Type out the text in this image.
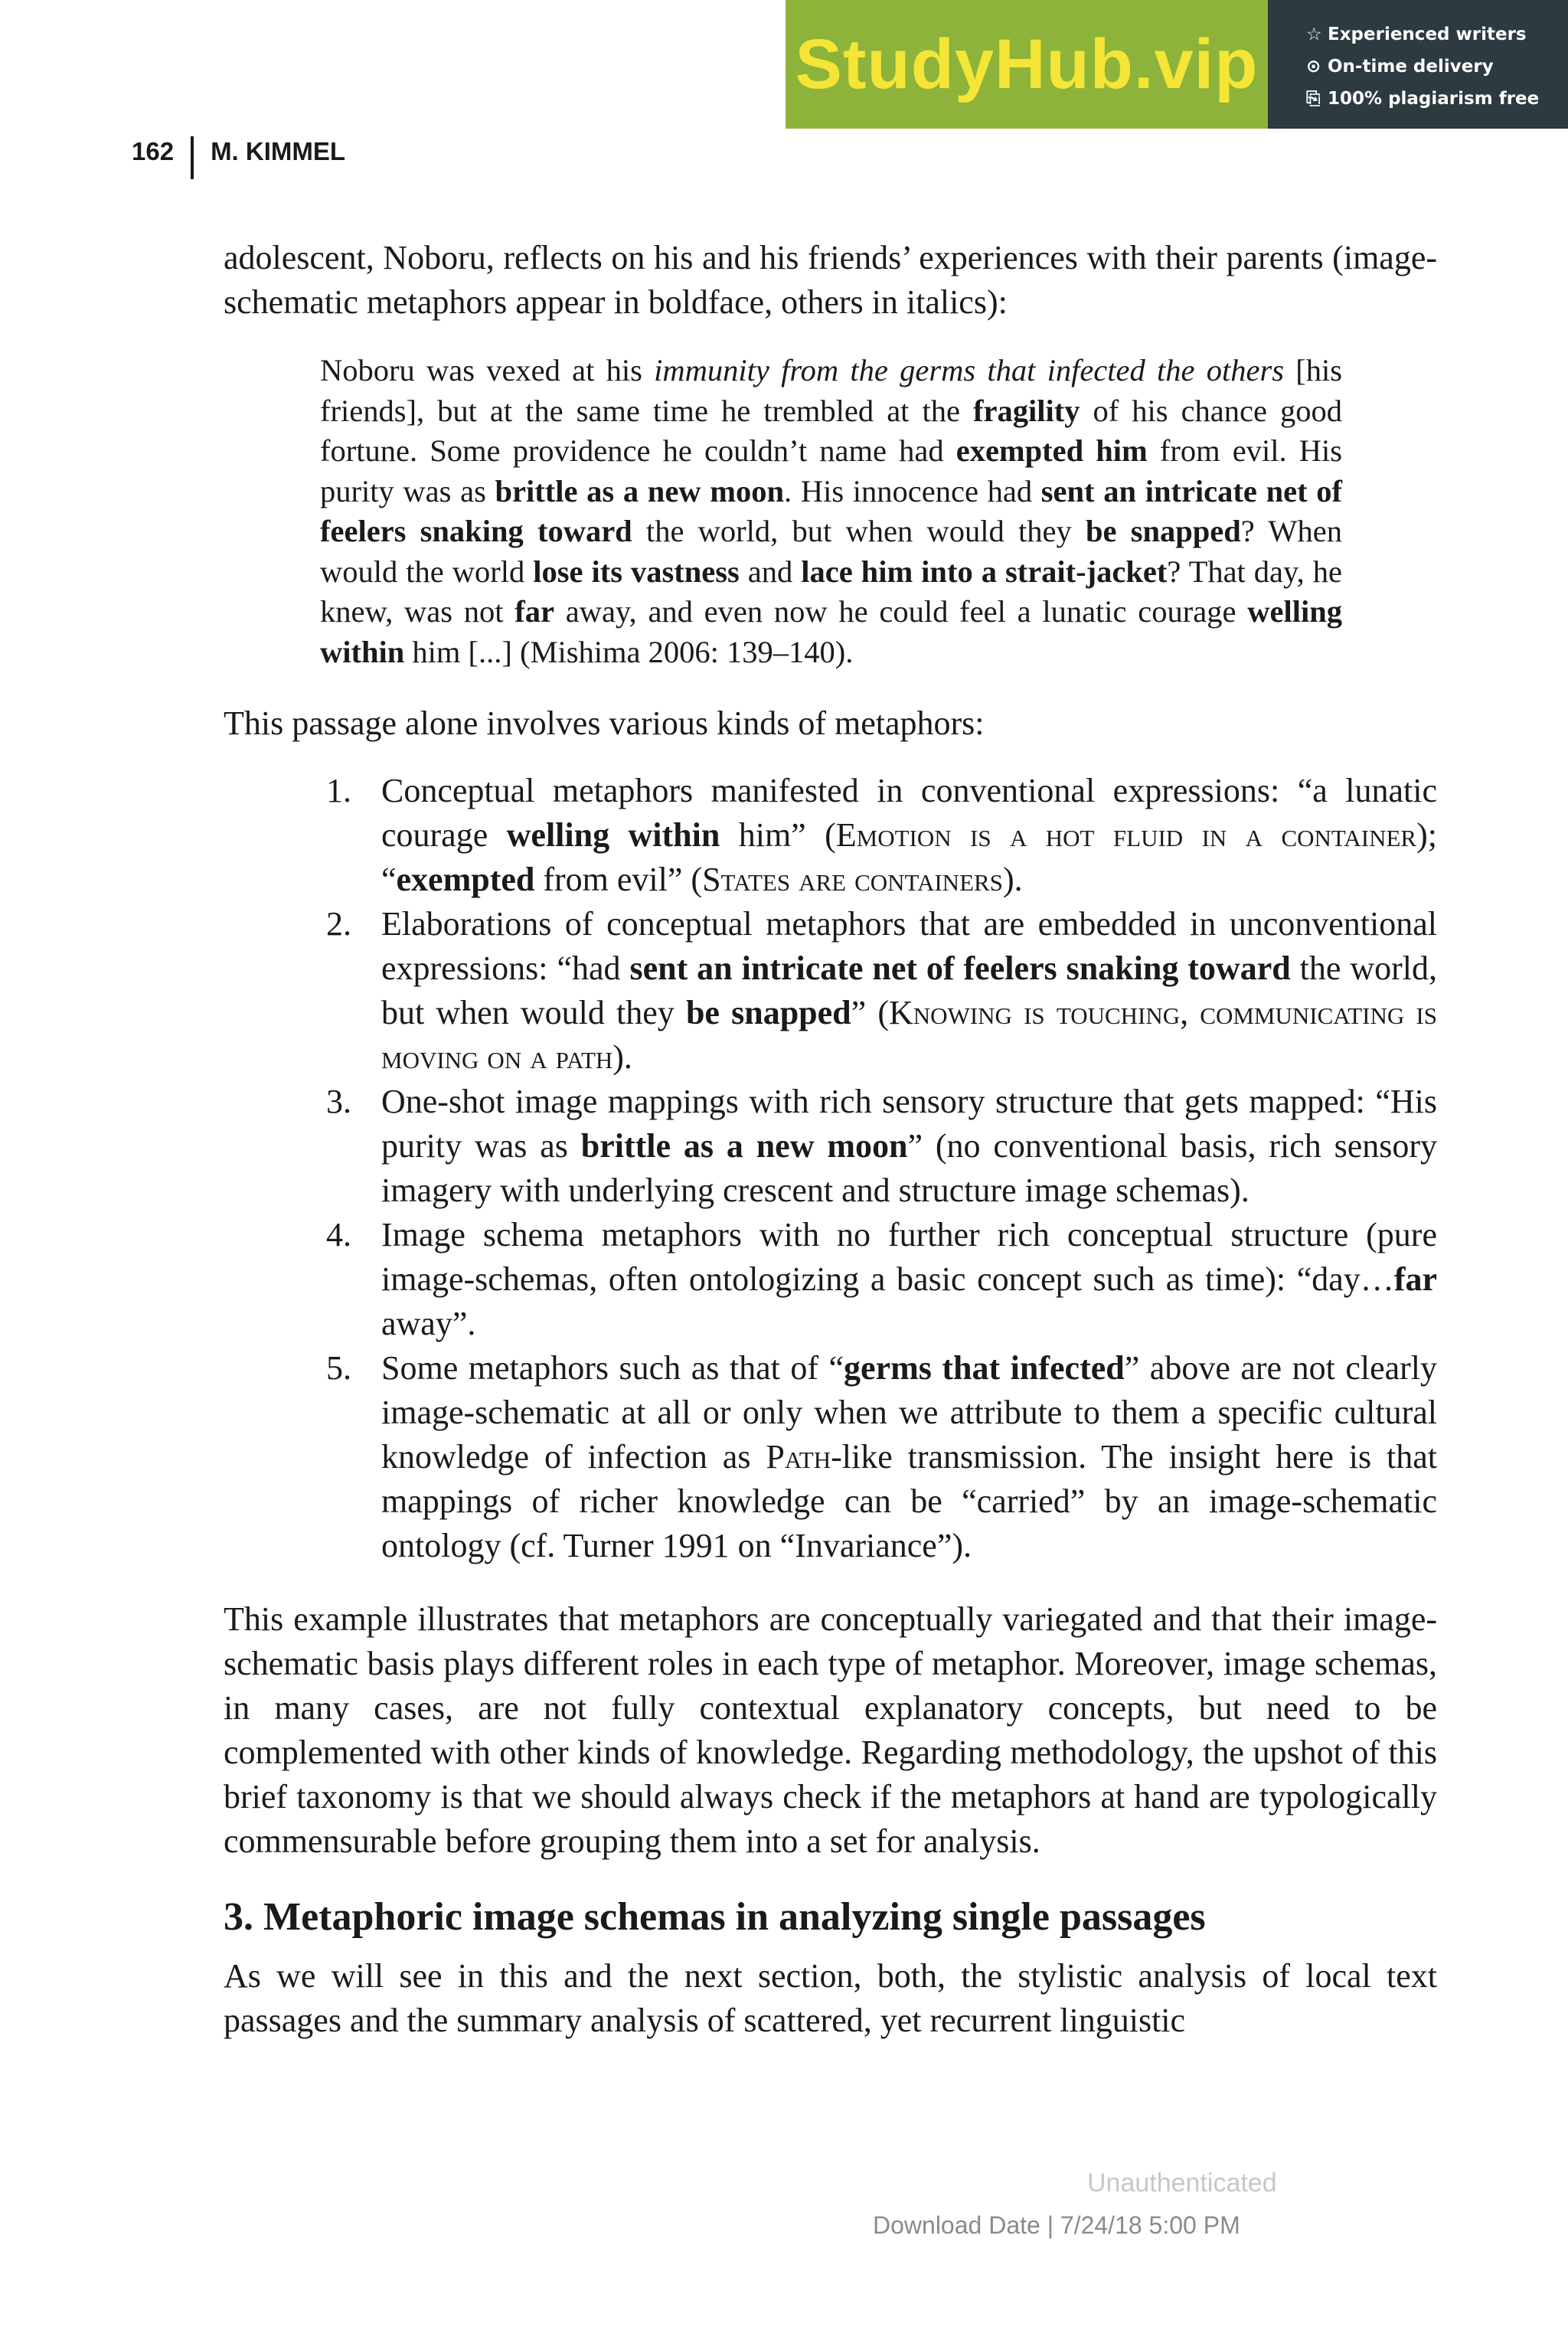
StudyHub.vip	☆ Experienced writers
⊙ On-time delivery
⎘ 100% plagiarism free
162 M. KIMMEL

adolescent, Noboru, reflects on his and his friends’ experiences with their parents (image-schematic metaphors appear in boldface, others in italics):

Noboru was vexed at his immunity from the germs that infected the others [his friends], but at the same time he trembled at the fragility of his chance good fortune. Some providence he couldn’t name had exempted him from evil. His purity was as brittle as a new moon. His innocence had sent an intricate net of feelers snaking toward the world, but when would they be snapped? When would the world lose its vastness and lace him into a strait-jacket? That day, he knew, was not far away, and even now he could feel a lunatic courage welling within him [...] (Mishima 2006: 139–140).

This passage alone involves various kinds of metaphors:

1. Conceptual metaphors manifested in conventional expressions: “a lunatic courage welling within him” (Emotion is a hot fluid in a container); “exempted from evil” (States are containers).
2. Elaborations of conceptual metaphors that are embedded in unconventional expressions: “had sent an intricate net of feelers snaking toward the world, but when would they be snapped” (Knowing is touching, communicating is moving on a path).
3. One-shot image mappings with rich sensory structure that gets mapped: “His purity was as brittle as a new moon” (no conventional basis, rich sensory imagery with underlying crescent and structure image schemas).
4. Image schema metaphors with no further rich conceptual structure (pure image-schemas, often ontologizing a basic concept such as time): “day…far away”.
5. Some metaphors such as that of “germs that infected” above are not clearly image-schematic at all or only when we attribute to them a specific cultural knowledge of infection as Path-like transmission. The insight here is that mappings of richer knowledge can be “carried” by an image-schematic ontology (cf. Turner 1991 on “Invariance”).

This example illustrates that metaphors are conceptually variegated and that their image-schematic basis plays different roles in each type of metaphor. Moreover, image schemas, in many cases, are not fully contextual explanatory concepts, but need to be complemented with other kinds of knowledge. Regarding methodology, the upshot of this brief taxonomy is that we should always check if the metaphors at hand are typologically commensurable before grouping them into a set for analysis.

3. Metaphoric image schemas in analyzing single passages

As we will see in this and the next section, both, the stylistic analysis of local text passages and the summary analysis of scattered, yet recurrent linguistic

Unauthenticated
Download Date | 7/24/18 5:00 PM
